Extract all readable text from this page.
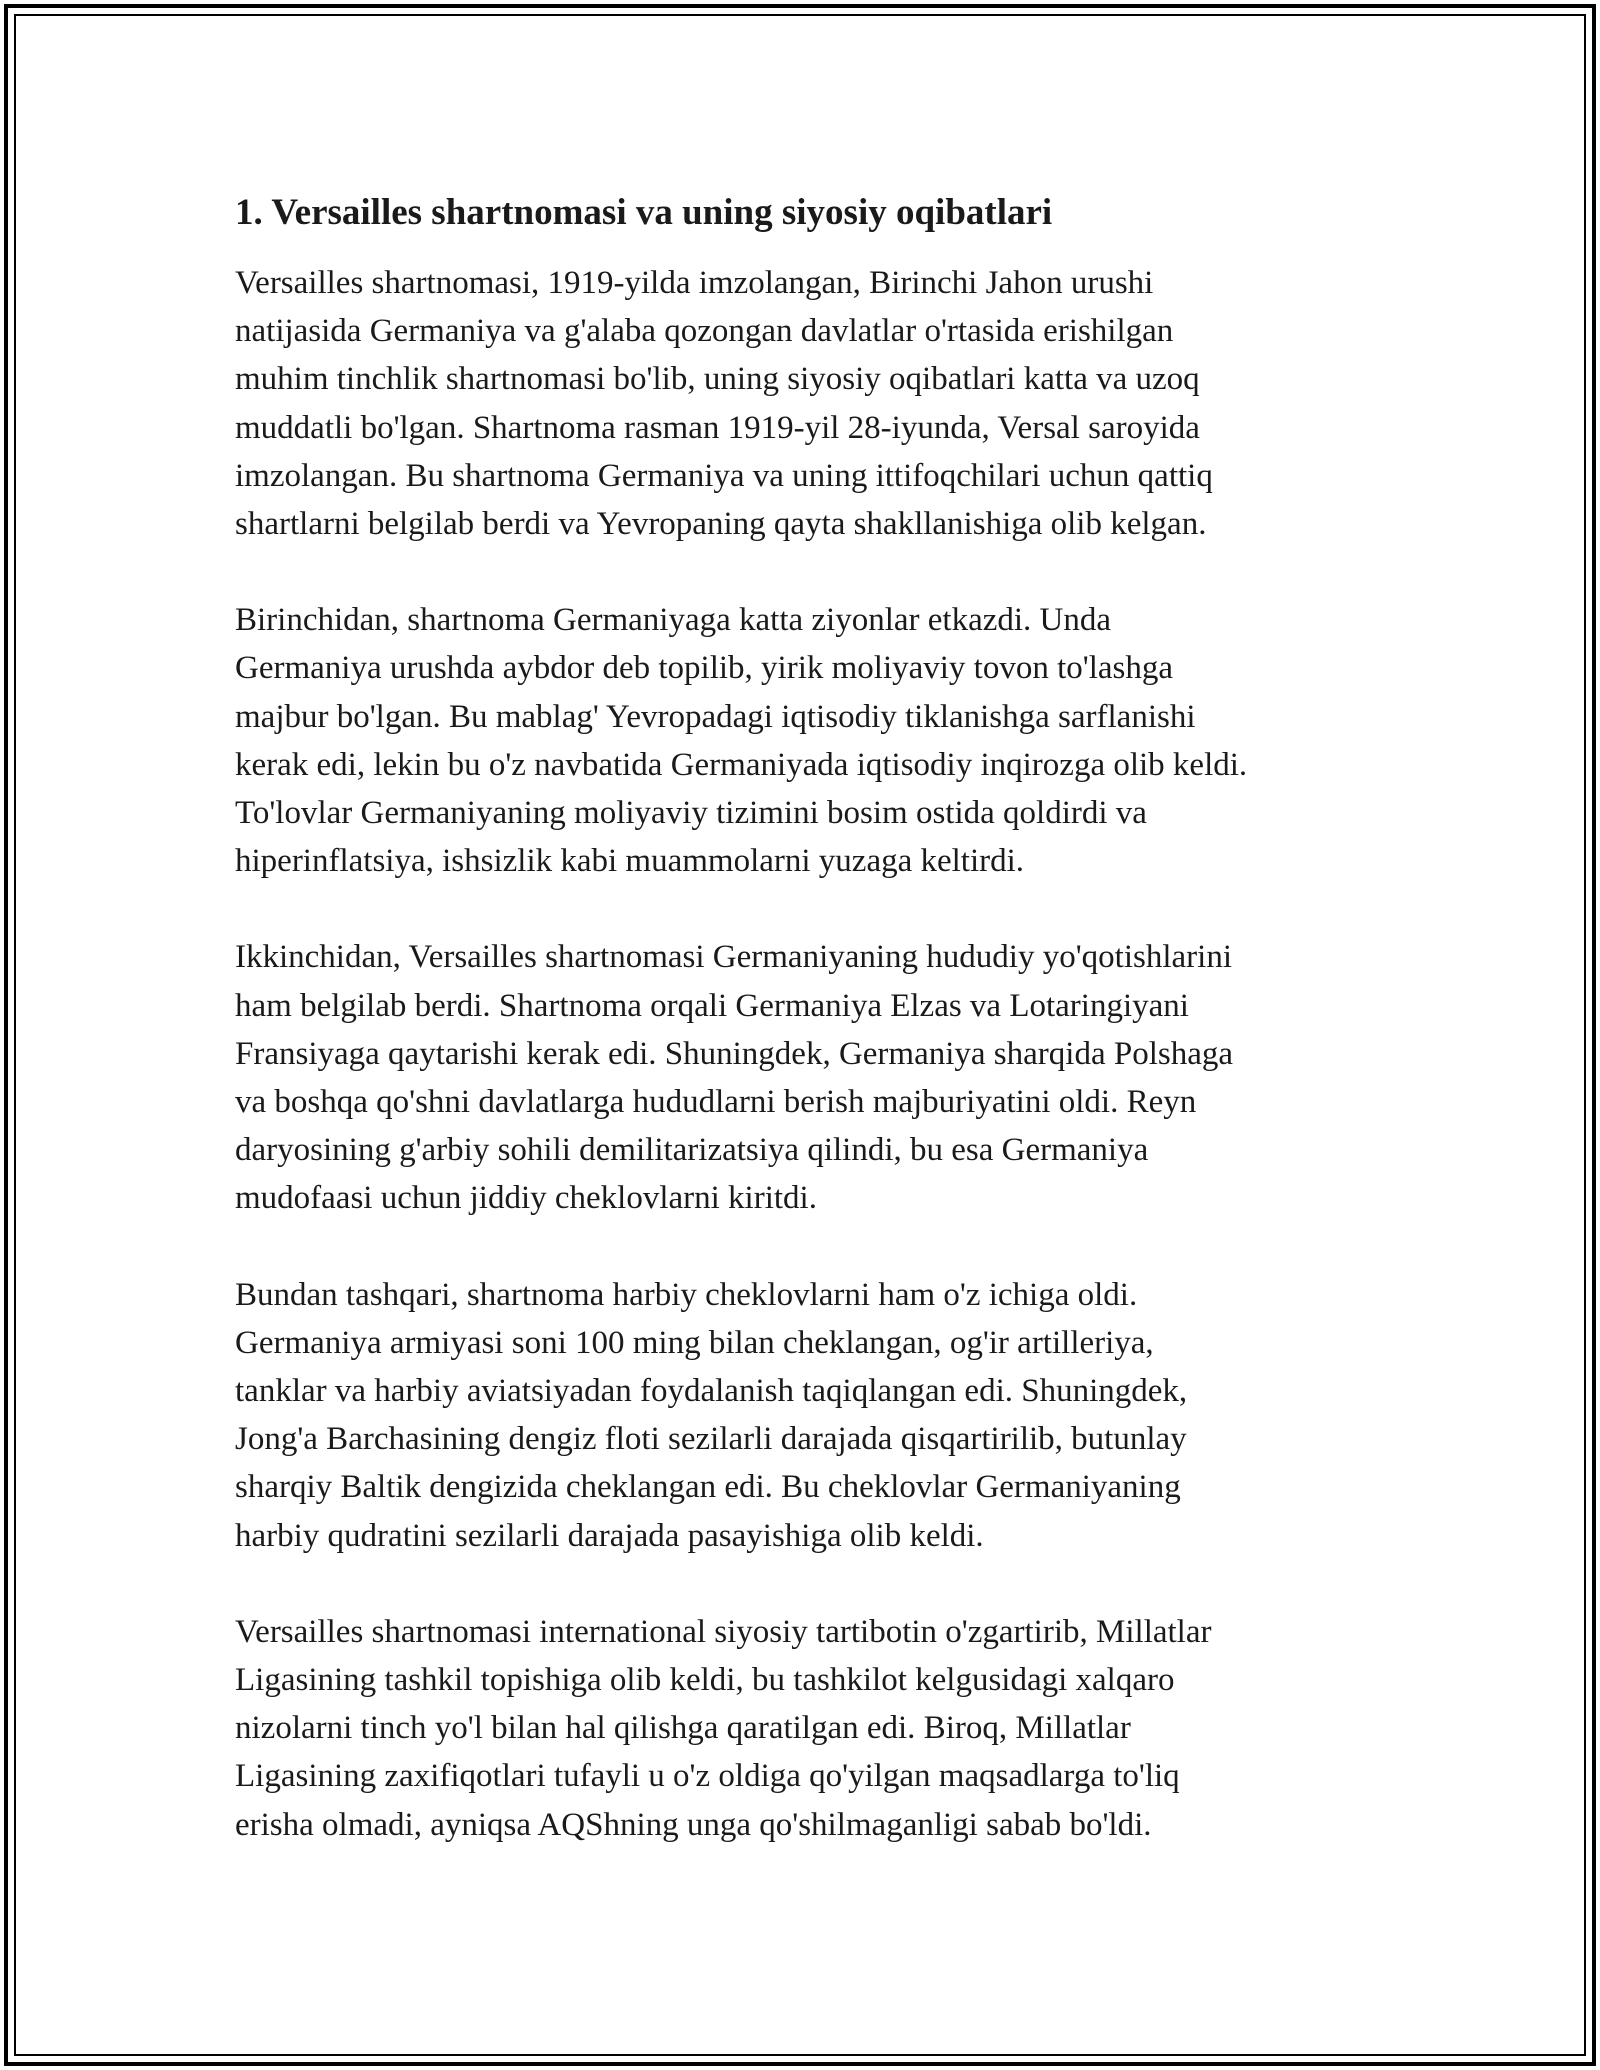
1. Versailles shartnomasi va uning siyosiy oqibatlari

Versailles shartnomasi, 1919-yilda imzolangan, Birinchi Jahon urushi
natijasida Germaniya va g'alaba qozongan davlatlar o'rtasida erishilgan
muhim tinchlik shartnomasi bo'lib, uning siyosiy oqibatlari katta va uzoq
muddatli bo'lgan. Shartnoma rasman 1919-yil 28-iyunda, Versal saroyida
imzolangan. Bu shartnoma Germaniya va uning ittifoqchilari uchun qattiq
shartlarni belgilab berdi va Yevropaning qayta shakllanishiga olib kelgan.

Birinchidan, shartnoma Germaniyaga katta ziyonlar etkazdi. Unda
Germaniya urushda aybdor deb topilib, yirik moliyaviy tovon to'lashga
majbur bo'lgan. Bu mablag' Yevropadagi iqtisodiy tiklanishga sarflanishi
kerak edi, lekin bu o'z navbatida Germaniyada iqtisodiy inqirozga olib keldi.
To'lovlar Germaniyaning moliyaviy tizimini bosim ostida qoldirdi va
hiperinflatsiya, ishsizlik kabi muammolarni yuzaga keltirdi.

Ikkinchidan, Versailles shartnomasi Germaniyaning hududiy yo'qotishlarini
ham belgilab berdi. Shartnoma orqali Germaniya Elzas va Lotaringiyani
Fransiyaga qaytarishi kerak edi. Shuningdek, Germaniya sharqida Polshaga
va boshqa qo'shni davlatlarga hududlarni berish majburiyatini oldi. Reyn
daryosining g'arbiy sohili demilitarizatsiya qilindi, bu esa Germaniya
mudofaasi uchun jiddiy cheklovlarni kiritdi.

Bundan tashqari, shartnoma harbiy cheklovlarni ham o'z ichiga oldi.
Germaniya armiyasi soni 100 ming bilan cheklangan, og'ir artilleriya,
tanklar va harbiy aviatsiyadan foydalanish taqiqlangan edi. Shuningdek,
Jong'a Barchasining dengiz floti sezilarli darajada qisqartirilib, butunlay
sharqiy Baltik dengizida cheklangan edi. Bu cheklovlar Germaniyaning
harbiy qudratini sezilarli darajada pasayishiga olib keldi.

Versailles shartnomasi international siyosiy tartibotin o'zgartirib, Millatlar
Ligasining tashkil topishiga olib keldi, bu tashkilot kelgusidagi xalqaro
nizolarni tinch yo'l bilan hal qilishga qaratilgan edi. Biroq, Millatlar
Ligasining zaxifiqotlari tufayli u o'z oldiga qo'yilgan maqsadlarga to'liq
erisha olmadi, ayniqsa AQShning unga qo'shilmaganligi sabab bo'ldi.
